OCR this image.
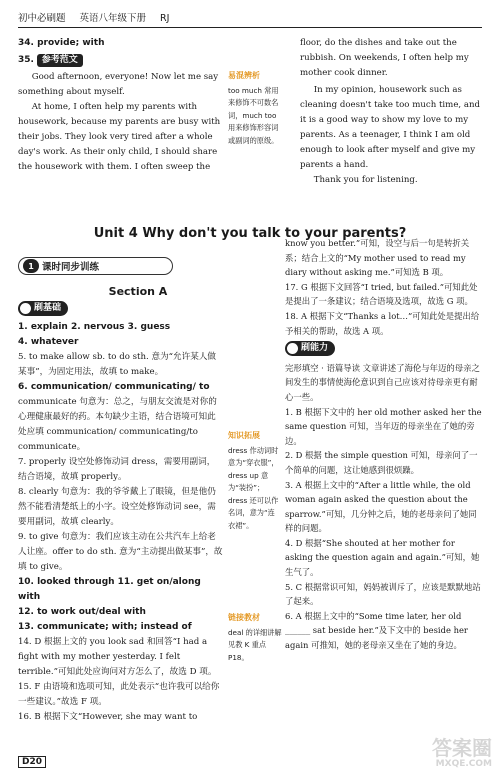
初中必刷题 英语八年级下册 RJ

34. provide; with

35. 参考范文

Good afternoon, everyone! Now let me say something about myself.

At home, I often help my parents with housework, because my parents are busy with their jobs. They look very tired after a whole day's work. As their only child, I should share the housework with them. I often sweep the

易混辨析
too much 常用来修饰不可数名词，much too 用来修饰形容词或副词的原级。

floor, do the dishes and take out the rubbish. On weekends, I often help my mother cook dinner.

In my opinion, housework such as

cleaning doesn't take too much time, and it is a good way to show my love to my parents. As a teenager, I think I am old enough to look after myself and give my parents a hand.

Thank you for listening.

Unit 4 Why don't you talk to your parents?
1 课时同步训练
Section A

刷基础

1. explain 2. nervous 3. guess

4. whatever

5. to make allow sb. to do sth. 意为“允许某人做某事”，为固定用法，故填 to make。

6. communication/ communicating/ to

communicate 句意为：总之，与朋友交流是对你的心理健康最好的药。本句缺少主语，结合语境可知此处应填 communication/ communicating/to communicate。

7. properly 设空处修饰动词 dress，需要用副词，结合语境，故填 properly。

8. clearly 句意为：我的爷爷戴上了眼镜，但是他仍然不能看清楚纸上的小字。设空处修饰动词 see，需要用副词，故填 clearly。

9. to give 句意为：我们应该主动在公共汽车上给老人让座。offer to do sth. 意为“主动提出做某事”，故填 to give。

10. looked through 11. get on/along with

12. to work out/deal with

13. communicate; with; instead of

14. D 根据上文的 you look sad 和回答“I had a fight with my mother yesterday. I felt terrible.”可知此处应询问对方怎么了，故选 D 项。

15. F 由语境和选项可知，此处表示“也许我可以给你一些建议。”故选 F 项。

16. B 根据下文“However, she may want to

知识拓展
dress 作动词时意为“穿衣服”，dress up 意为“装扮”；dress 还可以作名词，意为“连衣裙”。
链接教材
deal 的详细讲解见教 K 重点 P18。

know you better.”可知，设空与后一句是转折关系；结合上文的“My mother used to read my diary without asking me.”可知选 B 项。

17. G 根据下文回答“I tried, but failed.”可知此处是提出了一条建议；结合语境及选项，故选 G 项。

18. A 根据下文“Thanks a lot…”可知此处是提出给予相关的帮助，故选 A 项。

刷能力

完形填空 · 语篇导读 文章讲述了海伦与年迈的母亲之间发生的事情使海伦意识到自己应该对待母亲更有耐心一些。

1. B 根据下文中的 her old mother asked her the same question 可知，当年迈的母亲坐在了她的旁边。

2. D 根据 the simple question 可知，母亲问了一个简单的问题，这让她感到很烦躁。

3. A 根据上文中的“After a little while, the old woman again asked the question about the sparrow.”可知，几分钟之后，她的老母亲问了她同样的问题。

4. D 根据“She shouted at her mother for asking the question again and again.”可知，她生气了。

5. C 根据常识可知，妈妈被训斥了，应该是默默地站了起来。

6. A 根据上文中的“Some time later, her old ______ sat beside her.”及下文中的 beside her again 可推知，她的老母亲又坐在了她的身边。

D20
答案圈
MXQE.COM
